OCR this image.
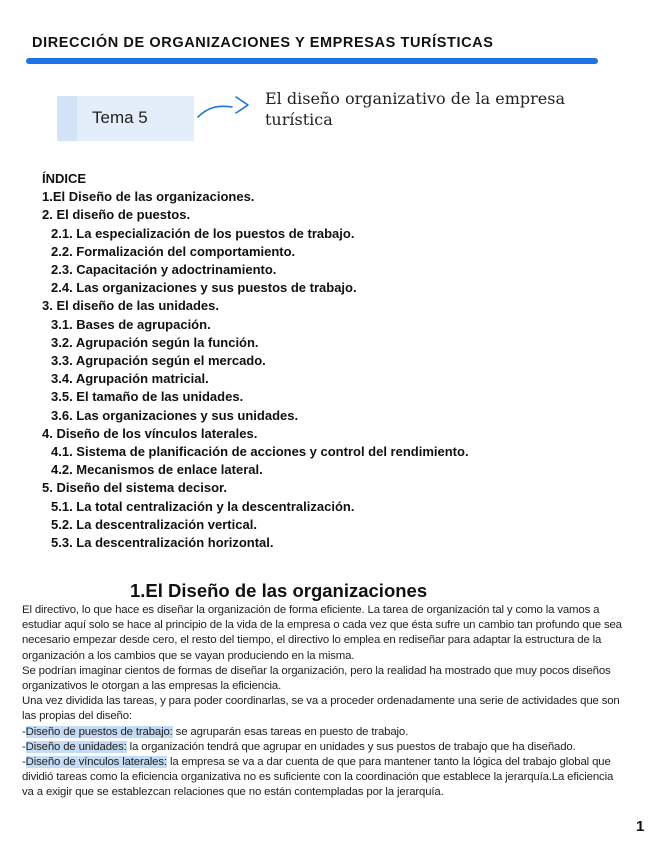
DIRECCIÓN DE ORGANIZACIONES Y EMPRESAS TURÍSTICAS
Tema 5
El diseño organizativo de la empresa turística
ÍNDICE
1.El Diseño de las organizaciones.
2. El diseño de puestos.
2.1. La especialización de los puestos de trabajo.
2.2. Formalización del comportamiento.
2.3. Capacitación y adoctrinamiento.
2.4. Las organizaciones y sus puestos de trabajo.
3. El diseño de las unidades.
3.1. Bases de agrupación.
3.2. Agrupación según la función.
3.3. Agrupación según el mercado.
3.4. Agrupación matricial.
3.5. El tamaño de las unidades.
3.6. Las organizaciones y sus unidades.
4. Diseño de los vínculos laterales.
4.1. Sistema de planificación de acciones y control del rendimiento.
4.2. Mecanismos de enlace lateral.
5. Diseño del sistema decisor.
5.1. La total centralización y la descentralización.
5.2. La descentralización vertical.
5.3. La descentralización horizontal.
1.El Diseño de las organizaciones

El directivo, lo que hace es diseñar la organización de forma eficiente. La tarea de organización tal y como la vamos a estudiar aquí solo se hace al principio de la vida de la empresa o cada vez que ésta sufre un cambio tan profundo que sea necesario empezar desde cero, el resto del tiempo, el directivo lo emplea en rediseñar para adaptar la estructura de la organización a los cambios que se vayan produciendo en la misma.

Se podrían imaginar cientos de formas de diseñar la organización, pero la realidad ha mostrado que muy pocos diseños organizativos le otorgan a las empresas la eficiencia.

Una vez dividida las tareas, y para poder coordinarlas, se va a proceder ordenadamente una serie de actividades que son las propias del diseño:

-Diseño de puestos de trabajo: se agruparán esas tareas en puesto de trabajo.

-Diseño de unidades: la organización tendrá que agrupar en unidades y sus puestos de trabajo que ha diseñado.

-Diseño de vínculos laterales: la empresa se va a dar cuenta de que para mantener tanto la lógica del trabajo global que dividió tareas como la eficiencia organizativa no es suficiente con la coordinación que establece la jerarquía.La eficiencia va a exigir que se establezcan relaciones que no están contempladas por la jerarquía.

1
